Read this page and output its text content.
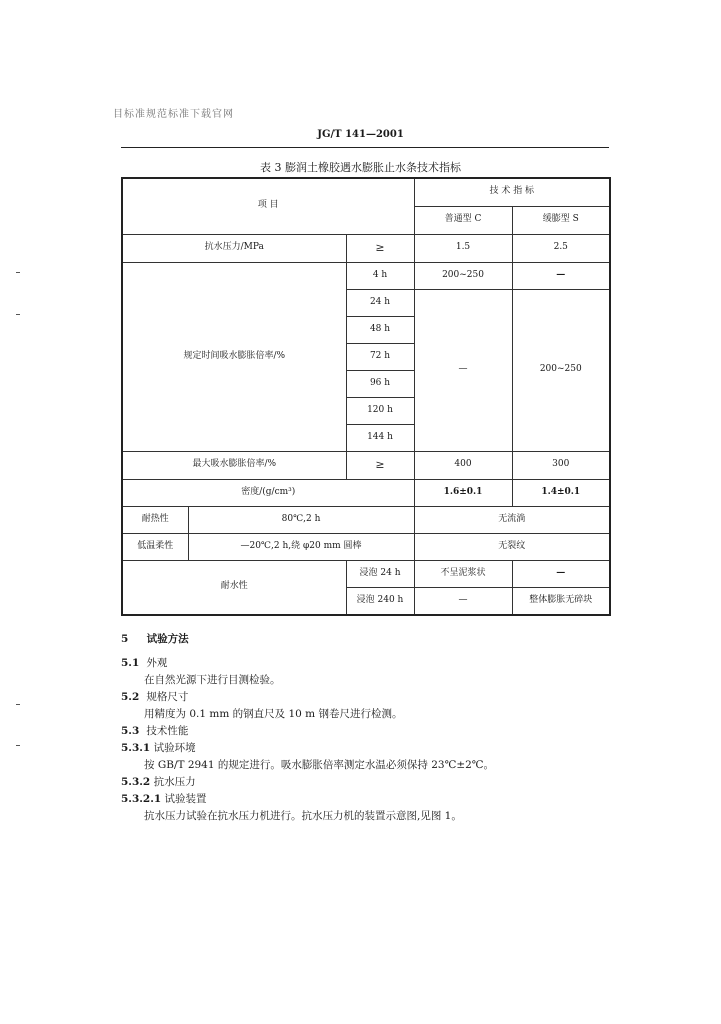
目标准规范标准下载官网
JG/T 141—2001
表 3 膨润土橡胶遇水膨胀止水条技术指标
项 目			技 术 指 标	
			普通型 C	缓膨型 S
抗水压力/MPa		≥	1.5	2.5
规定时间吸水膨胀倍率/%		4 h	200~250	—
		24 h	—	200~250
		48 h		
		72 h		
		96 h		
		120 h		
		144 h		
最大吸水膨胀倍率/%		≥	400	300
密度/(g/cm³)			1.6±0.1	1.4±0.1
耐热性	80℃,2 h		无流淌	
低温柔性	—20℃,2 h,绕 φ20 mm 圆棒		无裂纹	
耐水性		浸泡 24 h	不呈泥浆状	—
		浸泡 240 h	—	整体膨胀无碎块
5 试验方法
5.1 外观
在自然光源下进行目测检验。
5.2 规格尺寸
用精度为 0.1 mm 的钢直尺及 10 m 钢卷尺进行检测。
5.3 技术性能
5.3.1 试验环境
按 GB/T 2941 的规定进行。吸水膨胀倍率测定水温必须保持 23℃±2℃。
5.3.2 抗水压力
5.3.2.1 试验装置
抗水压力试验在抗水压力机进行。抗水压力机的装置示意图,见图 1。
